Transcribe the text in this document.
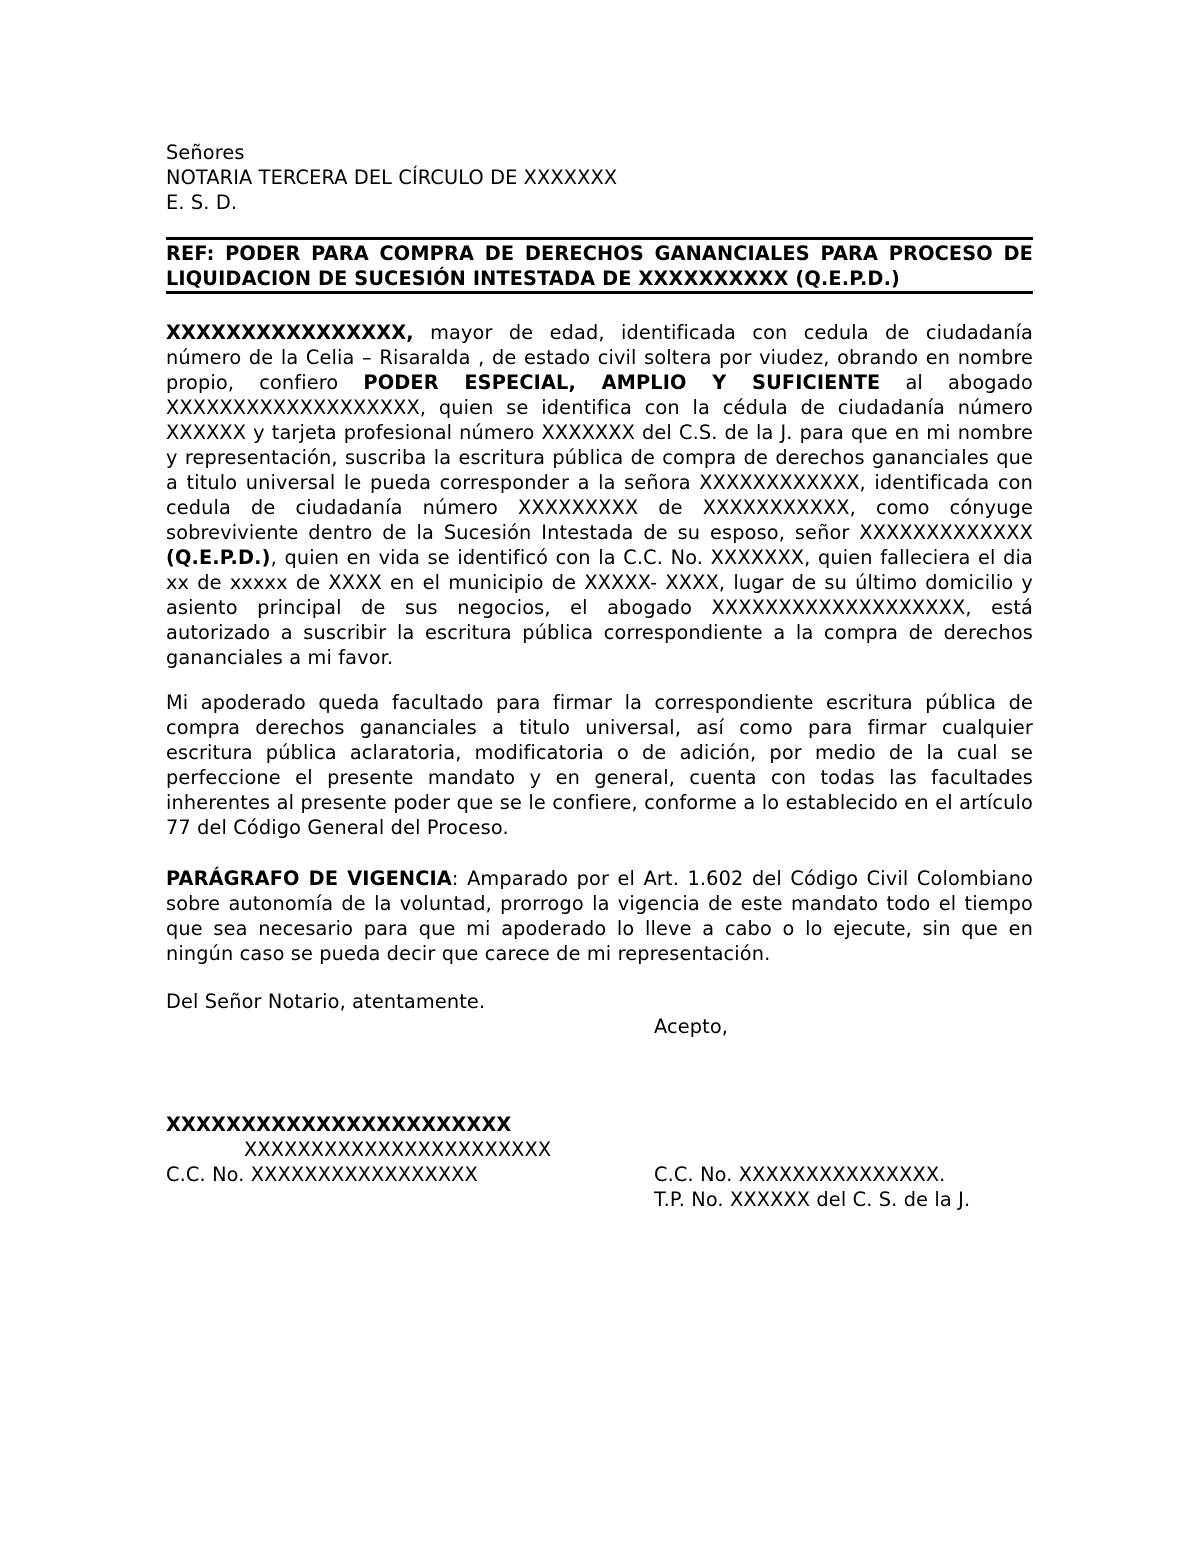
Señores
NOTARIA TERCERA DEL CÍRCULO DE XXXXXXX
E. S. D.
REF: PODER PARA COMPRA DE DERECHOS GANANCIALES PARA PROCESO DE LIQUIDACION DE SUCESIÓN INTESTADA DE XXXXXXXXXX (Q.E.P.D.)

XXXXXXXXXXXXXXXX, mayor de edad, identificada con cedula de ciudadanía número de la Celia – Risaralda , de estado civil soltera por viudez, obrando en nombre propio, confiero PODER ESPECIAL, AMPLIO Y SUFICIENTE al abogado XXXXXXXXXXXXXXXXXXX, quien se identifica con la cédula de ciudadanía número XXXXXX y tarjeta profesional número XXXXXXX del C.S. de la J. para que en mi nombre y representación, suscriba la escritura pública de compra de derechos gananciales que a titulo universal le pueda corresponder a la señora XXXXXXXXXXXX, identificada con cedula de ciudadanía número XXXXXXXXX de XXXXXXXXXXX, como cónyuge sobreviviente dentro de la Sucesión Intestada de su esposo, señor XXXXXXXXXXXXX (Q.E.P.D.), quien en vida se identificó con la C.C. No. XXXXXXX, quien falleciera el dia xx de xxxxx de XXXX en el municipio de XXXXX- XXXX, lugar de su último domicilio y asiento principal de sus negocios, el abogado XXXXXXXXXXXXXXXXXXX, está autorizado a suscribir la escritura pública correspondiente a la compra de derechos gananciales a mi favor.

Mi apoderado queda facultado para firmar la correspondiente escritura pública de compra derechos gananciales a titulo universal, así como para firmar cualquier escritura pública aclaratoria, modificatoria o de adición, por medio de la cual se perfeccione el presente mandato y en general, cuenta con todas las facultades inherentes al presente poder que se le confiere, conforme a lo establecido en el artículo 77 del Código General del Proceso.

PARÁGRAFO DE VIGENCIA: Amparado por el Art. 1.602 del Código Civil Colombiano sobre autonomía de la voluntad, prorrogo la vigencia de este mandato todo el tiempo que sea necesario para que mi apoderado lo lleve a cabo o lo ejecute, sin que en ningún caso se pueda decir que carece de mi representación.

Del Señor Notario, atentamente.
Acepto,
XXXXXXXXXXXXXXXXXXXXXXX
XXXXXXXXXXXXXXXXXXXXXXX
C.C. No. XXXXXXXXXXXXXXXXX	C.C. No. XXXXXXXXXXXXXXX.
T.P. No. XXXXXX del C. S. de la J.
